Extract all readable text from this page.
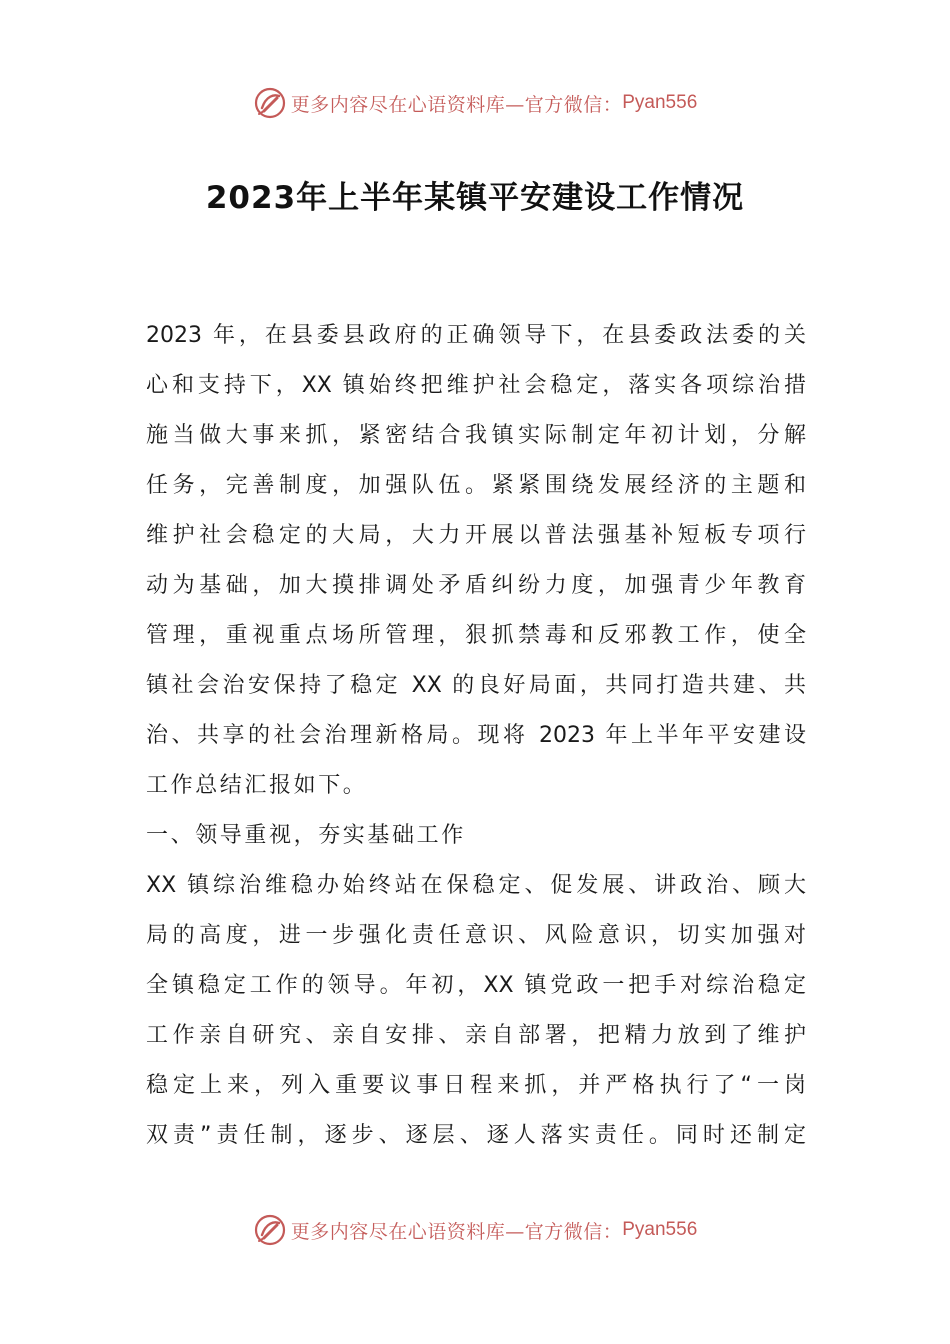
更多内容尽在心语资料库—官方微信： Pyan556
2023年上半年某镇平安建设工作情况

2023 年，在县委县政府的正确领导下，在县委政法委的关

心和支持下，XX 镇始终把维护社会稳定，落实各项综治措

施当做大事来抓，紧密结合我镇实际制定年初计划，分解

任务，完善制度，加强队伍。紧紧围绕发展经济的主题和

维护社会稳定的大局，大力开展以普法强基补短板专项行

动为基础，加大摸排调处矛盾纠纷力度，加强青少年教育

管理，重视重点场所管理，狠抓禁毒和反邪教工作，使全

镇社会治安保持了稳定 XX 的良好局面，共同打造共建、共

治、共享的社会治理新格局。现将 2023 年上半年平安建设

工作总结汇报如下。

一、领导重视，夯实基础工作

XX 镇综治维稳办始终站在保稳定、促发展、讲政治、顾大

局的高度，进一步强化责任意识、风险意识，切实加强对

全镇稳定工作的领导。年初，XX 镇党政一把手对综治稳定

工作亲自研究、亲自安排、亲自部署，把精力放到了维护

稳定上来，列入重要议事日程来抓，并严格执行了“一岗

双责”责任制，逐步、逐层、逐人落实责任。同时还制定

更多内容尽在心语资料库—官方微信： Pyan556
